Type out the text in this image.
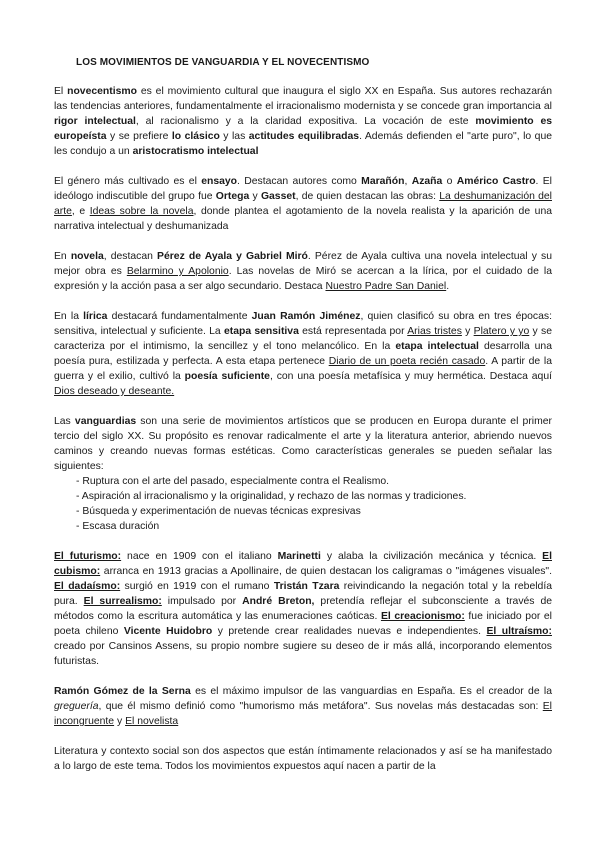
LOS MOVIMIENTOS DE VANGUARDIA Y EL NOVECENTISMO

El novecentismo es el movimiento cultural que inaugura el siglo XX en España. Sus autores rechazarán las tendencias anteriores, fundamentalmente el irracionalismo modernista y se concede gran importancia al rigor intelectual, al racionalismo y a la claridad expositiva. La vocación de este movimiento es europeísta y se prefiere lo clásico y las actitudes equilibradas. Además defienden el "arte puro", lo que les condujo a un aristocratismo intelectual

El género más cultivado es el ensayo. Destacan autores como Marañón, Azaña o Américo Castro. El ideólogo indiscutible del grupo fue Ortega y Gasset, de quien destacan las obras: La deshumanización del arte, e Ideas sobre la novela, donde plantea el agotamiento de la novela realista y la aparición de una narrativa intelectual y deshumanizada

En novela, destacan Pérez de Ayala y Gabriel Miró. Pérez de Ayala cultiva una novela intelectual y su mejor obra es Belarmino y Apolonio. Las novelas de Miró se acercan a la lírica, por el cuidado de la expresión y la acción pasa a ser algo secundario. Destaca Nuestro Padre San Daniel.

En la lírica destacará fundamentalmente Juan Ramón Jiménez, quien clasificó su obra en tres épocas: sensitiva, intelectual y suficiente. La etapa sensitiva está representada por Arias tristes y Platero y yo y se caracteriza por el intimismo, la sencillez y el tono melancólico. En la etapa intelectual desarrolla una poesía pura, estilizada y perfecta. A esta etapa pertenece Diario de un poeta recién casado. A partir de la guerra y el exilio, cultivó la poesía suficiente, con una poesía metafísica y muy hermética. Destaca aquí Dios deseado y deseante.

Las vanguardias son una serie de movimientos artísticos que se producen en Europa durante el primer tercio del siglo XX. Su propósito es renovar radicalmente el arte y la literatura anterior, abriendo nuevos caminos y creando nuevas formas estéticas. Como características generales se pueden señalar las siguientes:

- Ruptura con el arte del pasado, especialmente contra el Realismo.
- Aspiración al irracionalismo y la originalidad, y rechazo de las normas y tradiciones.
- Búsqueda y experimentación de nuevas técnicas expresivas
- Escasa duración

El futurismo: nace en 1909 con el italiano Marinetti y alaba la civilización mecánica y técnica. El cubismo: arranca en 1913 gracias a Apollinaire, de quien destacan los caligramas o "imágenes visuales". El dadaísmo: surgió en 1919 con el rumano Tristán Tzara reivindicando la negación total y la rebeldía pura. El surrealismo: impulsado por André Breton, pretendía reflejar el subconsciente a través de métodos como la escritura automática y las enumeraciones caóticas. El creacionismo: fue iniciado por el poeta chileno Vicente Huidobro y pretende crear realidades nuevas e independientes. El ultraísmo: creado por Cansinos Assens, su propio nombre sugiere su deseo de ir más allá, incorporando elementos futuristas.

Ramón Gómez de la Serna es el máximo impulsor de las vanguardias en España. Es el creador de la greguería, que él mismo definió como "humorismo más metáfora". Sus novelas más destacadas son: El incongruente y El novelista

Literatura y contexto social son dos aspectos que están íntimamente relacionados y así se ha manifestado a lo largo de este tema. Todos los movimientos expuestos aquí nacen a partir de la
